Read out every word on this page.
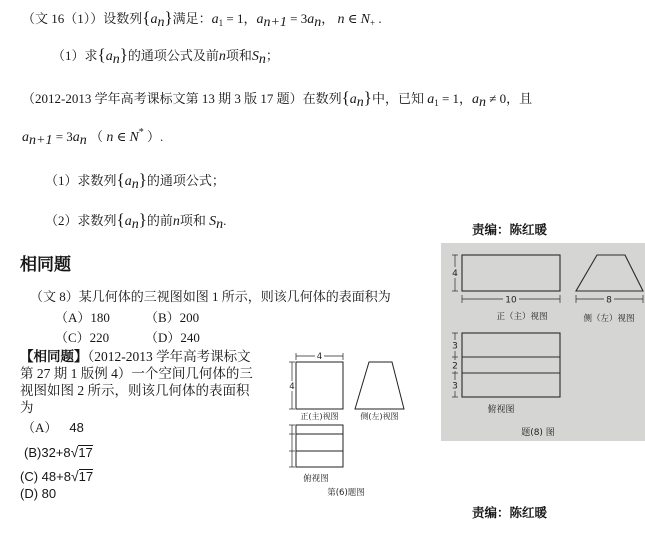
（文 16（1））设数列$\{a_n\}$满足：$a_1 = 1$，$a_{n+1} = 3a_n$， n ∈ $N_+$ .
（1）求$\{a_n\}$的通项公式及前n项和$S_n$；
（2012-2013 学年高考课标文第 13 期 3 版 17 题）在数列$\{a_n\}$中，已知 $a_1 = 1$，$a_n \ne 0$，且
$a_{n+1} = 3a_n$ （ n ∈ N* ）.
（1）求数列$\{a_n\}$的通项公式；
（2）求数列$\{a_n\}$的前n项和 $S_n$.
责编：陈红暖
相同题
（文 8）某几何体的三视图如图 1 所示，则该几何体的表面积为
（A）180	（B）200
（C）220	（D）240
【相同题】（2012-2013 学年高考课标文
第 27 期 1 版例 4）一个空间几何体的三
视图如图 2 所示，则该几何体的表面积
为
（A） 48
(B)32+8√17
(C) 48+8√17
(D) 80
4
4
正(主)视图	侧(左)视图
俯视图
第(6)题图
4
10
正（主）视图
8
侧（左）视图
3
2
3
俯视图
题(8) 图
责编：陈红暖
